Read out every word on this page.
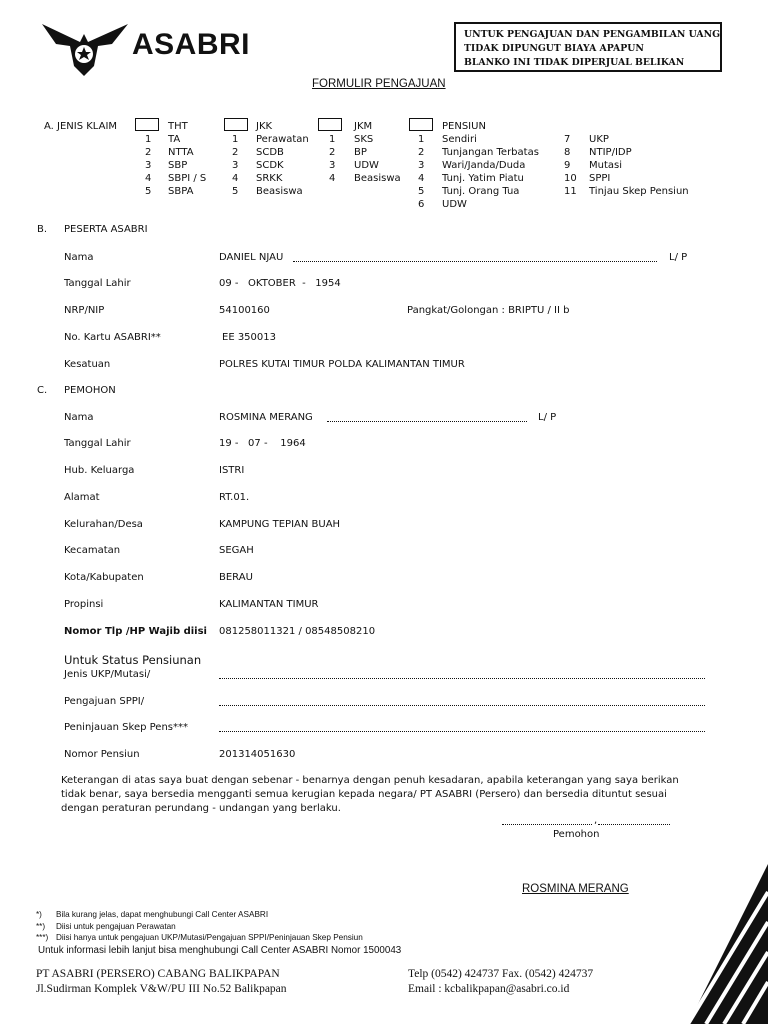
ASABRI	UNTUK PENGAJUAN DAN PENGAMBILAN UANG
TIDAK DIPUNGUT BIAYA APAPUN
BLANKO INI TIDAK DIPERJUAL BELIKAN
FORMULIR PENGAJUAN
A. JENIS KLAIM	THT
1 TA
2 NTTA
3 SBP
4 SBPI / S
5 SBPA
JKK
1 Perawatan
2 SCDB
3 SCDK
4 SRKK
5 Beasiswa
JKM
1 SKS
2 BP
3 UDW
4 Beasiswa
PENSIUN
1 Sendiri
2 Tunjangan Terbatas
3 Wari/Janda/Duda
4 Tunj. Yatim Piatu
5 Tunj. Orang Tua
6 UDW
7 UKP
8 NTIP/IDP
9 Mutasi
10 SPPI
11 Tinjau Skep Pensiun
B. PESERTA ASABRI
Nama	DANIEL NJAU	L/ P
Tanggal Lahir	09 -   OKTOBER  -   1954
NRP/NIP	54100160	Pangkat/Golongan : BRIPTU / II b
No. Kartu ASABRI**	EE 350013
Kesatuan	POLRES KUTAI TIMUR POLDA KALIMANTAN TIMUR
C. PEMOHON
Nama	ROSMINA MERANG	L/ P
Tanggal Lahir	19 -   07 -    1964
Hub. Keluarga	ISTRI
Alamat	RT.01.
Kelurahan/Desa	KAMPUNG TEPIAN BUAH
Kecamatan	SEGAH
Kota/Kabupaten	BERAU
Propinsi	KALIMANTAN TIMUR
Nomor Tlp /HP Wajib diisi 081258011321 / 08548508210
Untuk Status Pensiunan
Jenis UKP/Mutasi/
Pengajuan SPPI/
Peninjauan Skep Pens***
Nomor Pensiun	201314051630
Keterangan di atas saya buat dengan sebenar - benarnya dengan penuh kesadaran, apabila keterangan yang saya berikan
tidak benar, saya bersedia mengganti semua kerugian kepada negara/ PT ASABRI (Persero) dan bersedia dituntut sesuai
dengan peraturan perundang - undangan yang berlaku.
,
Pemohon
ROSMINA MERANG
*) Bila kurang jelas, dapat menghubungi Call Center ASABRI
**) Diisi untuk pengajuan Perawatan
***) Diisi hanya untuk pengajuan UKP/Mutasi/Pengajuan SPPI/Peninjauan Skep Pensiun
Untuk informasi lebih lanjut bisa menghubungi Call Center ASABRI Nomor 1500043
PT ASABRI (PERSERO) CABANG BALIKPAPAN
Jl.Sudirman Komplek V&W/PU III No.52 Balikpapan
Telp (0542) 424737 Fax. (0542) 424737
Email : kcbalikpapan@asabri.co.id
